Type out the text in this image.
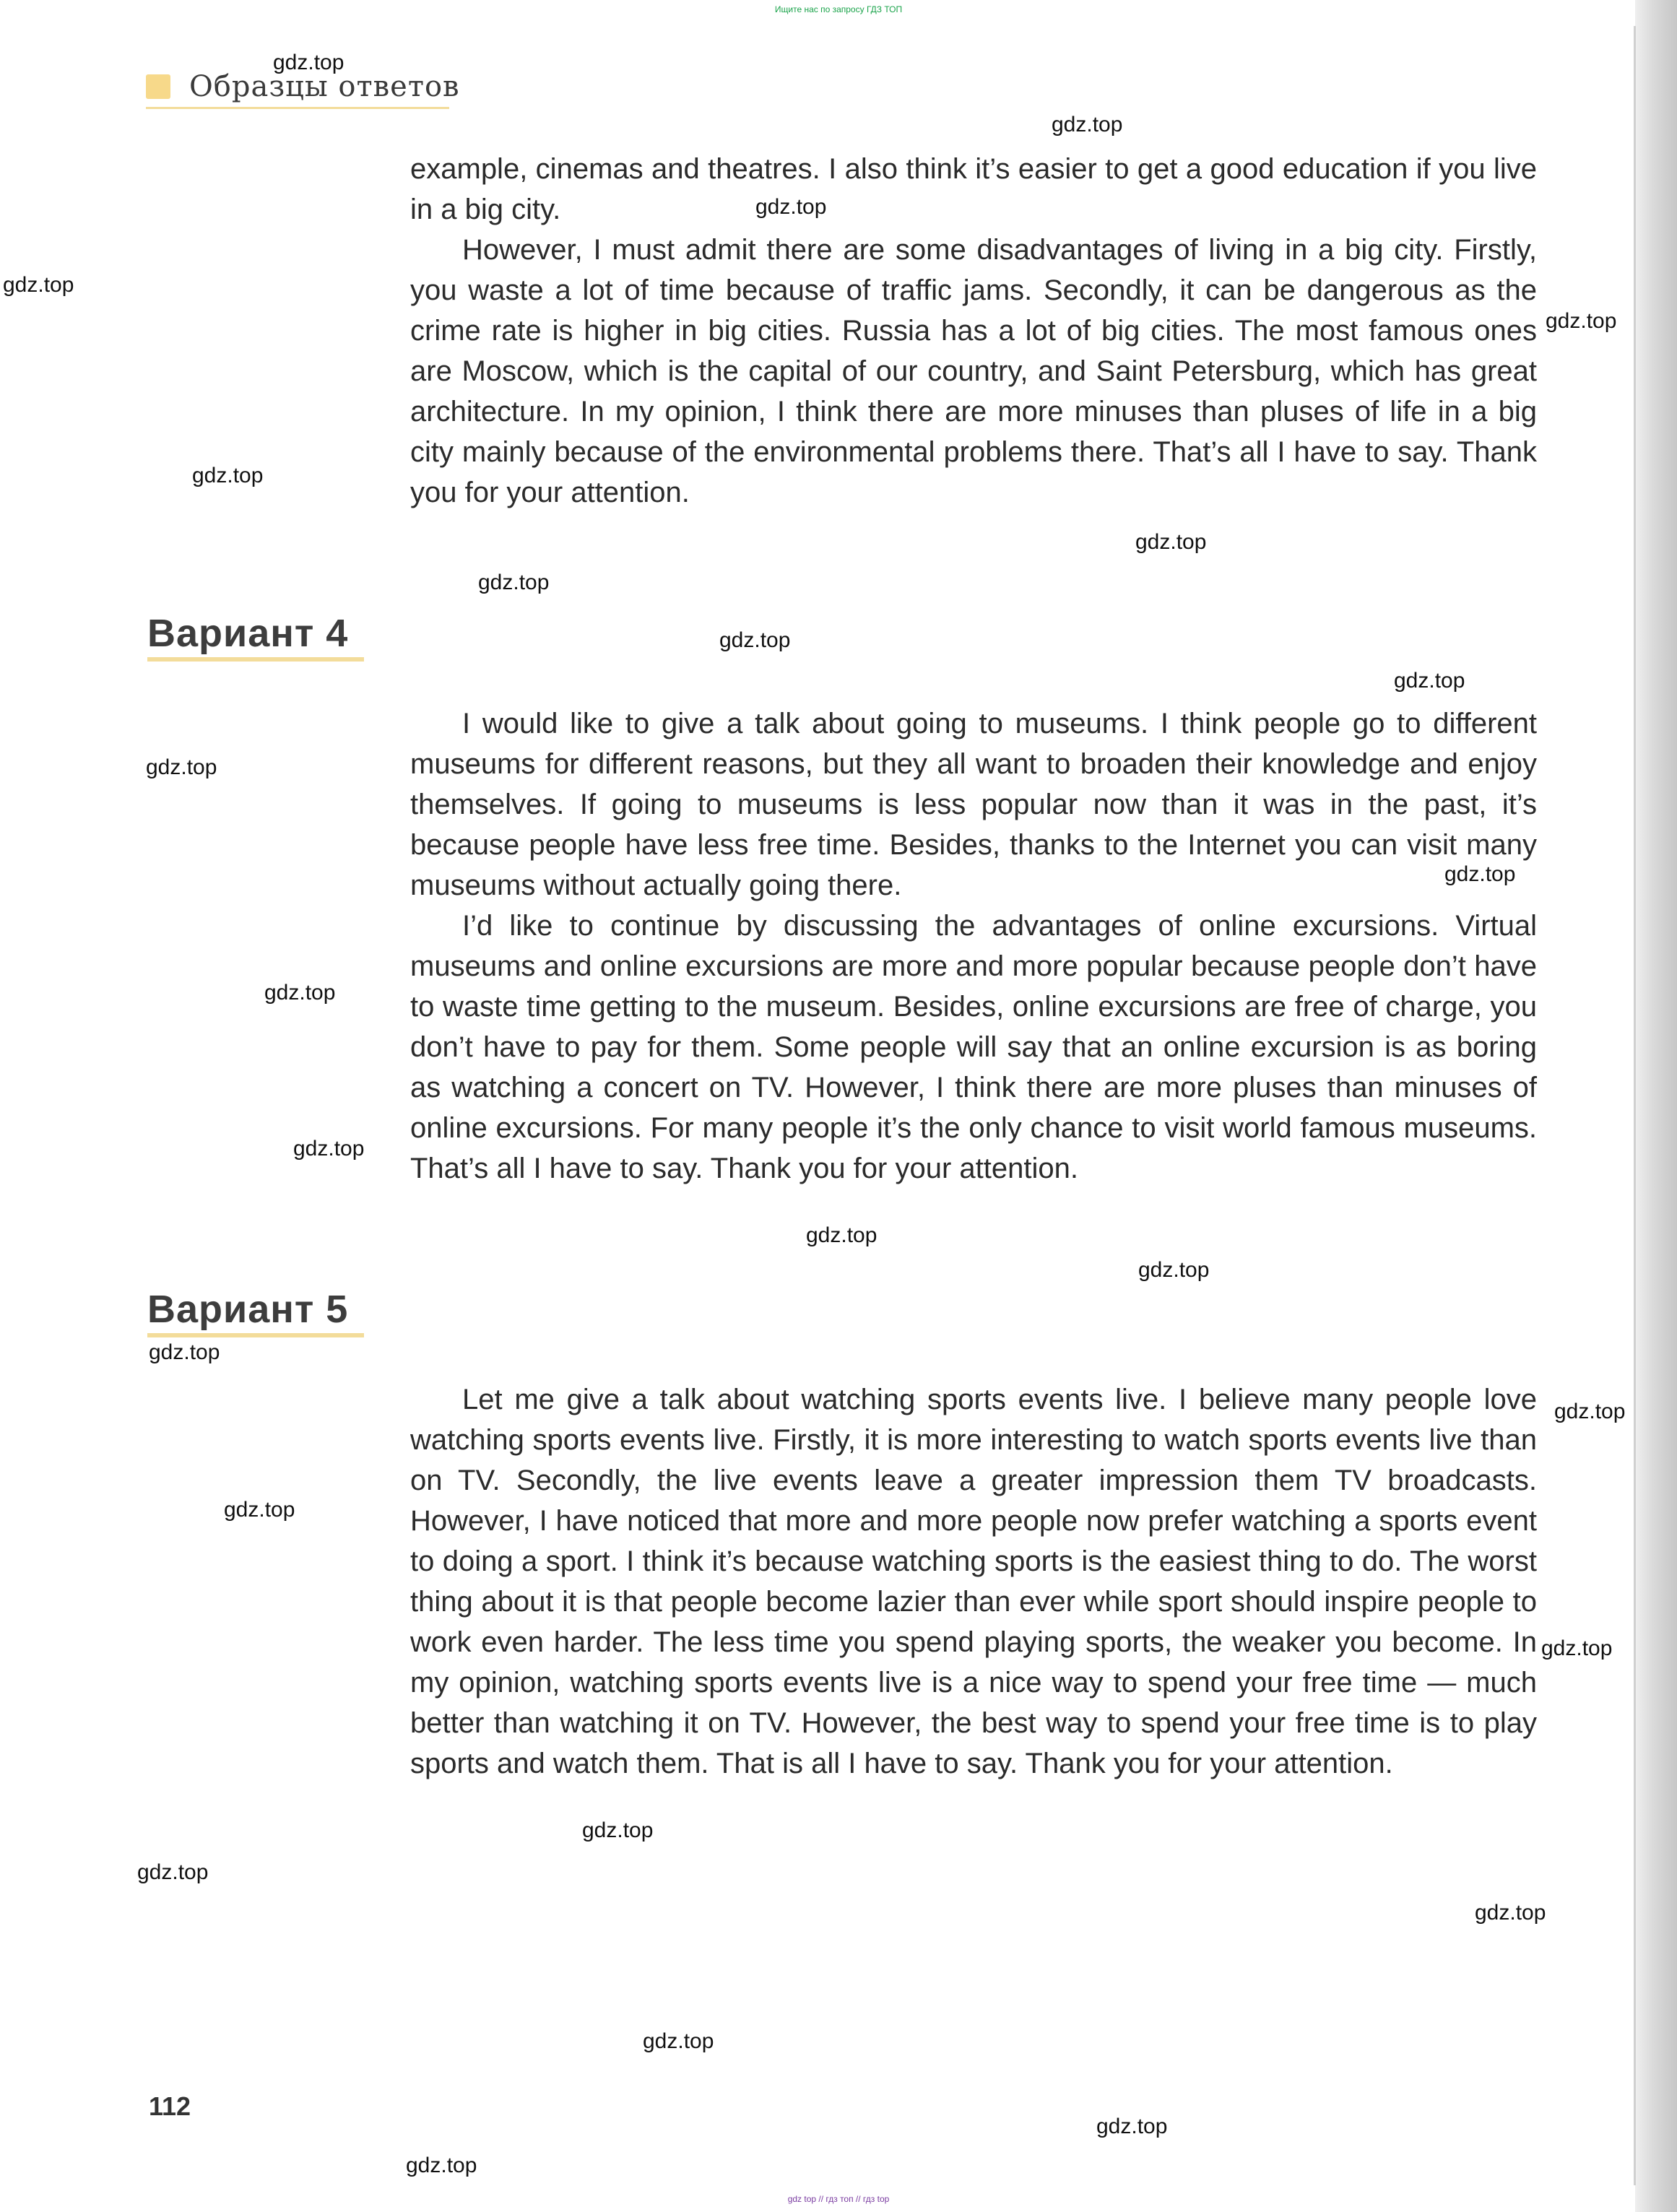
Ищите нас по запросу ГДЗ ТОП
Образцы ответов

example, cinemas and theatres. I also think it’s easier to get a good education if you live in a big city.

However, I must admit there are some disadvantages of living in a big city. Firstly, you waste a lot of time because of traffic jams. Secondly, it can be dangerous as the crime rate is higher in big cities. Russia has a lot of big cities. The most famous ones are Moscow, which is the capital of our country, and Saint Petersburg, which has great architecture. In my opinion, I think there are more minuses than pluses of life in a big city mainly because of the environmental problems there. That’s all I have to say. Thank you for your attention.

Вариант 4

I would like to give a talk about going to museums. I think people go to different museums for different reasons, but they all want to broaden their knowledge and enjoy themselves. If going to museums is less popular now than it was in the past, it’s because people have less free time. Besides, thanks to the Internet you can visit many museums without actually going there.

I’d like to continue by discussing the advantages of online excursions. Virtual museums and online excursions are more and more popular because people don’t have to waste time getting to the museum. Besides, online excursions are free of charge, you don’t have to pay for them. Some people will say that an online excursion is as boring as watching a concert on TV. However, I think there are more pluses than minuses of online excursions. For many people it’s the only chance to visit world famous museums. That’s all I have to say. Thank you for your attention.

Вариант 5

Let me give a talk about watching sports events live. I believe many people love watching sports events live. Firstly, it is more interesting to watch sports events live than on TV. Secondly, the live events leave a greater impression them TV broadcasts. However, I have noticed that more and more people now prefer watching a sports event to doing a sport. I think it’s because watching sports is the easiest thing to do. The worst thing about it is that people become lazier than ever while sport should inspire people to work even harder. The less time you spend playing sports, the weaker you become. In my opinion, watching sports events live is a nice way to spend your free time — much better than watching it on TV. However, the best way to spend your free time is to play sports and watch them. That is all I have to say. Thank you for your attention.

112
gdz.top
gdz.top
gdz.top
gdz.top
gdz.top
gdz.top
gdz.top
gdz.top
gdz.top
gdz.top
gdz.top
gdz.top
gdz.top
gdz.top
gdz.top
gdz.top
gdz.top
gdz.top
gdz.top
gdz.top
gdz.top
gdz.top
gdz.top
gdz.top
gdz.top
gdz.top
gdz top // гдз топ // гдз top
